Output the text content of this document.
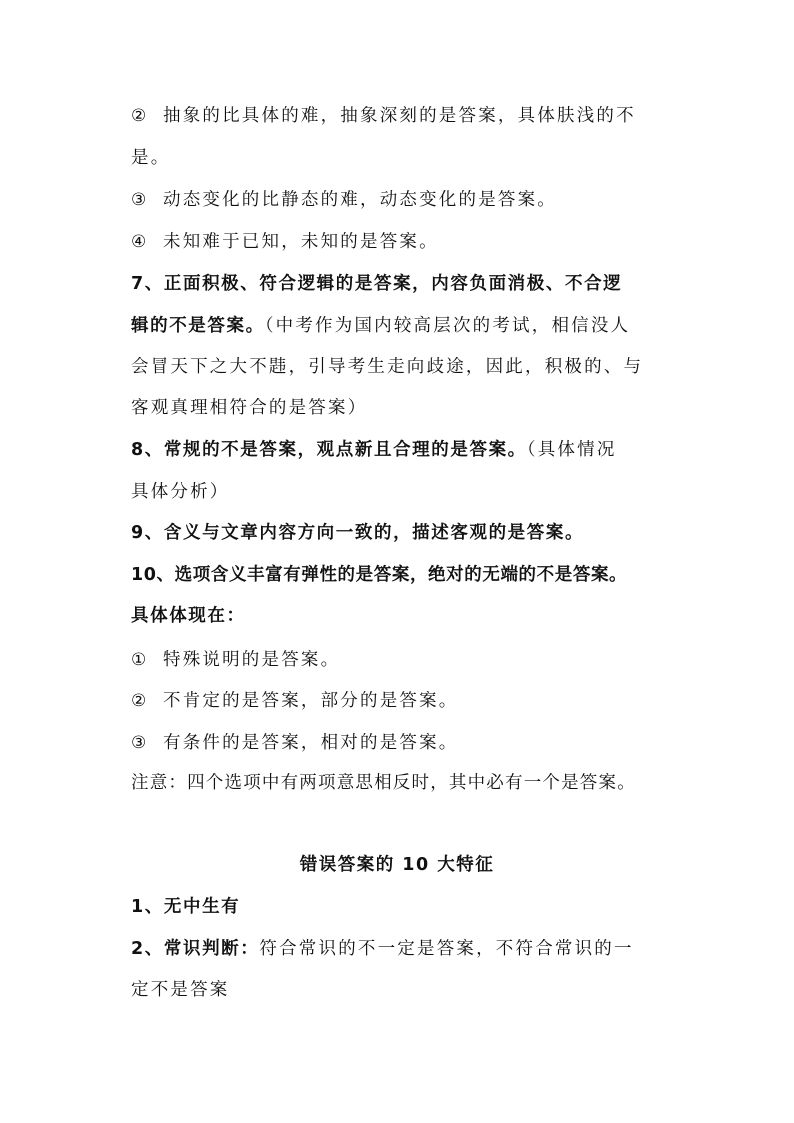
② 抽象的比具体的难，抽象深刻的是答案，具体肤浅的不
是。
③ 动态变化的比静态的难，动态变化的是答案。
④ 未知难于已知，未知的是答案。
7、正面积极、符合逻辑的是答案，内容负面消极、不合逻
辑的不是答案。（中考作为国内较高层次的考试，相信没人
会冒天下之大不韪，引导考生走向歧途，因此，积极的、与
客观真理相符合的是答案）
8、常规的不是答案，观点新且合理的是答案。（具体情况
具体分析）
9、含义与文章内容方向一致的，描述客观的是答案。
10、选项含义丰富有弹性的是答案，绝对的无端的不是答案。
具体体现在：
① 特殊说明的是答案。
② 不肯定的是答案，部分的是答案。
③ 有条件的是答案，相对的是答案。
注意：四个选项中有两项意思相反时，其中必有一个是答案。
错误答案的 10 大特征
1、无中生有
2、常识判断：符合常识的不一定是答案，不符合常识的一
定不是答案
